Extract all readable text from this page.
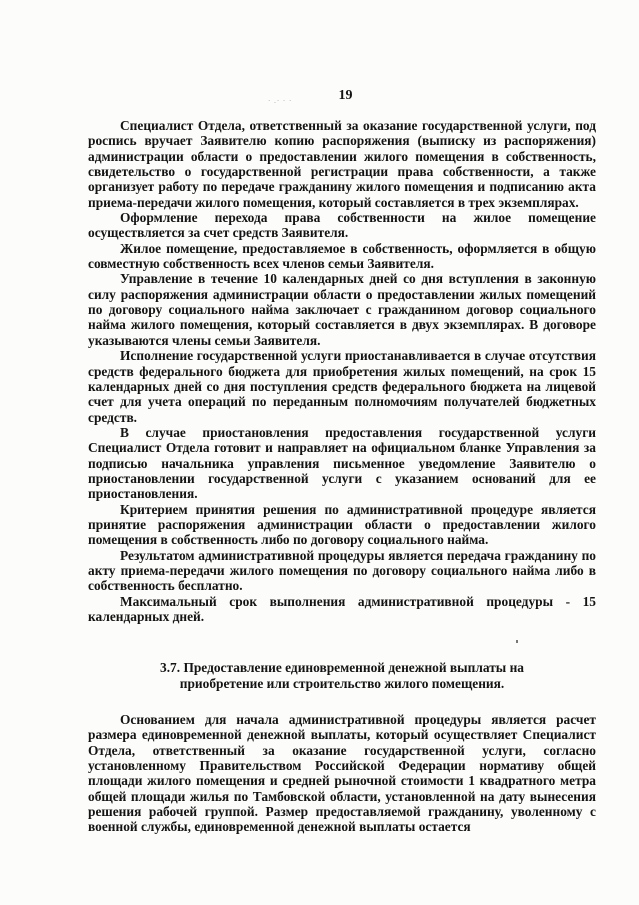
· .· · ·	19

Специалист Отдела, ответственный за оказание государственной услуги, под роспись вручает Заявителю копию распоряжения (выписку из распоряжения) администрации области о предоставлении жилого помещения в собственность, свидетельство о государственной регистрации права собственности, а также организует работу по передаче гражданину жилого помещения и подписанию акта приема-передачи жилого помещения, который составляется в трех экземплярах.

Оформление перехода права собственности на жилое помещение осуществляется за счет средств Заявителя.

Жилое помещение, предоставляемое в собственность, оформляется в общую совместную собственность всех членов семьи Заявителя.

Управление в течение 10 календарных дней со дня вступления в законную силу распоряжения администрации области о предоставлении жилых помещений по договору социального найма заключает с гражданином договор социального найма жилого помещения, который составляется в двух экземплярах. В договоре указываются члены семьи Заявителя.

Исполнение государственной услуги приостанавливается в случае отсутствия средств федерального бюджета для приобретения жилых помещений, на срок 15 календарных дней со дня поступления средств федерального бюджета на лицевой счет для учета операций по переданным полномочиям получателей бюджетных средств.

В случае приостановления предоставления государственной услуги Специалист Отдела готовит и направляет на официальном бланке Управления за подписью начальника управления письменное уведомление Заявителю о приостановлении государственной услуги с указанием оснований для ее приостановления.

Критерием принятия решения по административной процедуре является принятие распоряжения администрации области о предоставлении жилого помещения в собственность либо по договору социального найма.

Результатом административной процедуры является передача гражданину по акту приема-передачи жилого помещения по договору социального найма либо в собственность бесплатно.

Максимальный срок выполнения административной процедуры - 15 календарных дней.

3.7. Предоставление единовременной денежной выплаты на
приобретение или строительство жилого помещения.

Основанием для начала административной процедуры является расчет размера единовременной денежной выплаты, который осуществляет Специалист Отдела, ответственный за оказание государственной услуги, согласно установленному Правительством Российской Федерации нормативу общей площади жилого помещения и средней рыночной стоимости 1 квадратного метра общей площади жилья по Тамбовской области, установленной на дату вынесения решения рабочей группой. Размер предоставляемой гражданину, уволенному с военной службы, единовременной денежной выплаты остается
